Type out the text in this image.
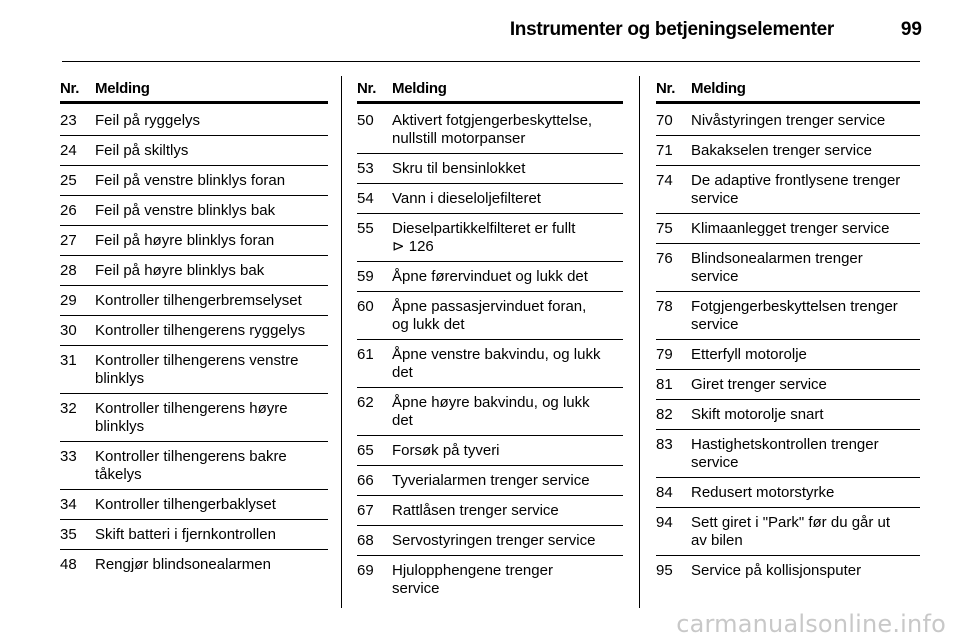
Instrumenter og betjeningselementer	99
Nr.	Melding
23	Feil på ryggelys
24	Feil på skiltlys
25	Feil på venstre blinklys foran
26	Feil på venstre blinklys bak
27	Feil på høyre blinklys foran
28	Feil på høyre blinklys bak
29	Kontroller tilhengerbremselyset
30	Kontroller tilhengerens ryggelys
31	Kontroller tilhengerens venstre
blinklys
32	Kontroller tilhengerens høyre
blinklys
33	Kontroller tilhengerens bakre
tåkelys
34	Kontroller tilhengerbaklyset
35	Skift batteri i fjernkontrollen
48	Rengjør blindsonealarmen
Nr.	Melding
50	Aktivert fotgjengerbeskyttelse,
nullstill motorpanser
53	Skru til bensinlokket
54	Vann i dieseloljefilteret
55	Dieselpartikkelfilteret er fullt
⊳ 126
59	Åpne førervinduet og lukk det
60	Åpne passasjervinduet foran,
og lukk det
61	Åpne venstre bakvindu, og lukk
det
62	Åpne høyre bakvindu, og lukk
det
65	Forsøk på tyveri
66	Tyverialarmen trenger service
67	Rattlåsen trenger service
68	Servostyringen trenger service
69	Hjulopphengene trenger
service
Nr.	Melding
70	Nivåstyringen trenger service
71	Bakakselen trenger service
74	De adaptive frontlysene trenger
service
75	Klimaanlegget trenger service
76	Blindsonealarmen trenger
service
78	Fotgjengerbeskyttelsen trenger
service
79	Etterfyll motorolje
81	Giret trenger service
82	Skift motorolje snart
83	Hastighetskontrollen trenger
service
84	Redusert motorstyrke
94	Sett giret i "Park" før du går ut
av bilen
95	Service på kollisjonsputer
carmanualsonline.info
